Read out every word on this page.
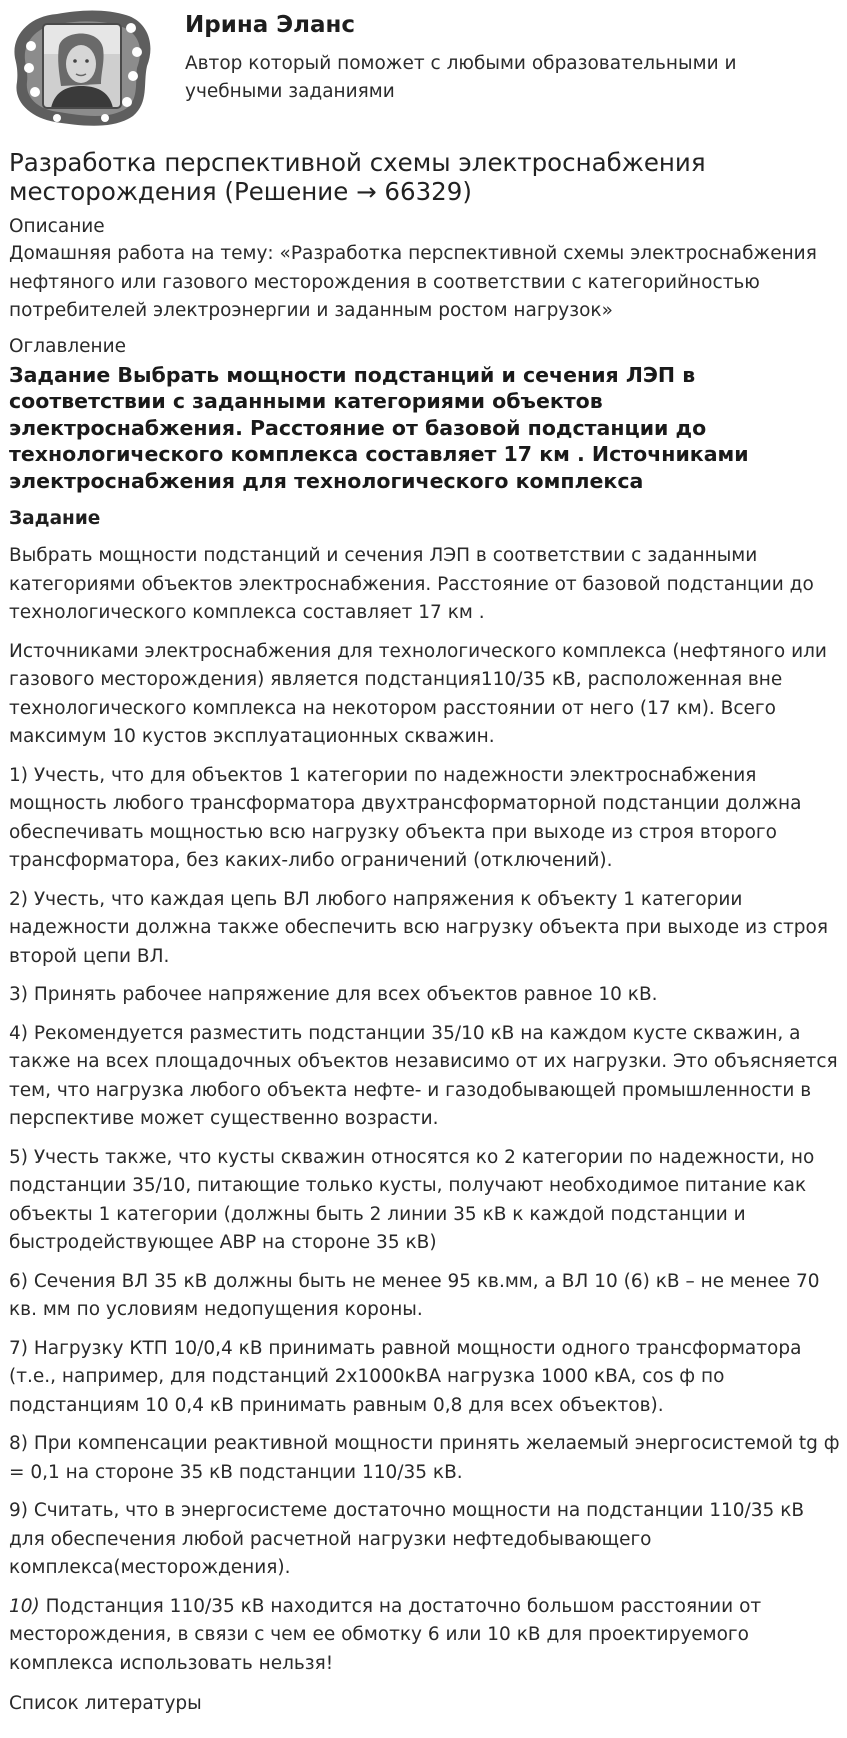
Ирина Эланс
Автор который поможет с любыми образовательными и учебными заданиями
Разработка перспективной схемы электроснабжения месторождения (Решение → 66329)
Описание
Домашняя работа на тему: «Разработка перспективной схемы электроснабжения нефтяного или газового месторождения в соответствии с категорийностью потребителей электроэнергии и заданным ростом нагрузок»
Оглавление
Задание Выбрать мощности подстанций и сечения ЛЭП в соответствии с заданными категориями объектов электроснабжения. Расстояние от базовой подстанции до технологического комплекса составляет 17 км . Источниками электроснабжения для технологического комплекса
Задание
Выбрать мощности подстанций и сечения ЛЭП в соответствии с заданными категориями объектов электроснабжения. Расстояние от базовой подстанции до технологического комплекса составляет 17 км .
Источниками электроснабжения для технологического комплекса (нефтяного или газового месторождения) является подстанция110/35 кВ, расположенная вне технологического комплекса на некотором расстоянии от него (17 км). Всего максимум 10 кустов эксплуатационных скважин.
1) Учесть, что для объектов 1 категории по надежности электроснабжения мощность любого трансформатора двухтрансформаторной подстанции должна обеспечивать мощностью всю нагрузку объекта при выходе из строя второго трансформатора, без каких-либо ограничений (отключений).
2) Учесть, что каждая цепь ВЛ любого напряжения к объекту 1 категории надежности должна также обеспечить всю нагрузку объекта при выходе из строя второй цепи ВЛ.
3) Принять рабочее напряжение для всех объектов равное 10 кВ.
4) Рекомендуется разместить подстанции 35/10 кВ на каждом кусте скважин, а также на всех площадочных объектов независимо от их нагрузки. Это объясняется тем, что нагрузка любого объекта нефте- и газодобывающей промышленности в перспективе может существенно возрасти.
5) Учесть также, что кусты скважин относятся ко 2 категории по надежности, но подстанции 35/10, питающие только кусты, получают необходимое питание как объекты 1 категории (должны быть 2 линии 35 кВ к каждой подстанции и быстродействующее АВР на стороне 35 кВ)
6) Сечения ВЛ 35 кВ должны быть не менее 95 кв.мм, а ВЛ 10 (6) кВ – не менее 70 кв. мм по условиям недопущения короны.
7) Нагрузку КТП 10/0,4 кВ принимать равной мощности одного трансформатора (т.е., например, для подстанций 2х1000кВА нагрузка 1000 кВА, cos ф по подстанциям 10 0,4 кВ принимать равным 0,8 для всех объектов).
8) При компенсации реактивной мощности принять желаемый энергосистемой tg ф = 0,1 на стороне 35 кВ подстанции 110/35 кВ.
9) Считать, что в энергосистеме достаточно мощности на подстанции 110/35 кВ для обеспечения любой расчетной нагрузки нефтедобывающего комплекса(месторождения).
10) Подстанция 110/35 кВ находится на достаточно большом расстоянии от месторождения, в связи с чем ее обмотку 6 или 10 кВ для проектируемого комплекса использовать нельзя!
Список литературы
